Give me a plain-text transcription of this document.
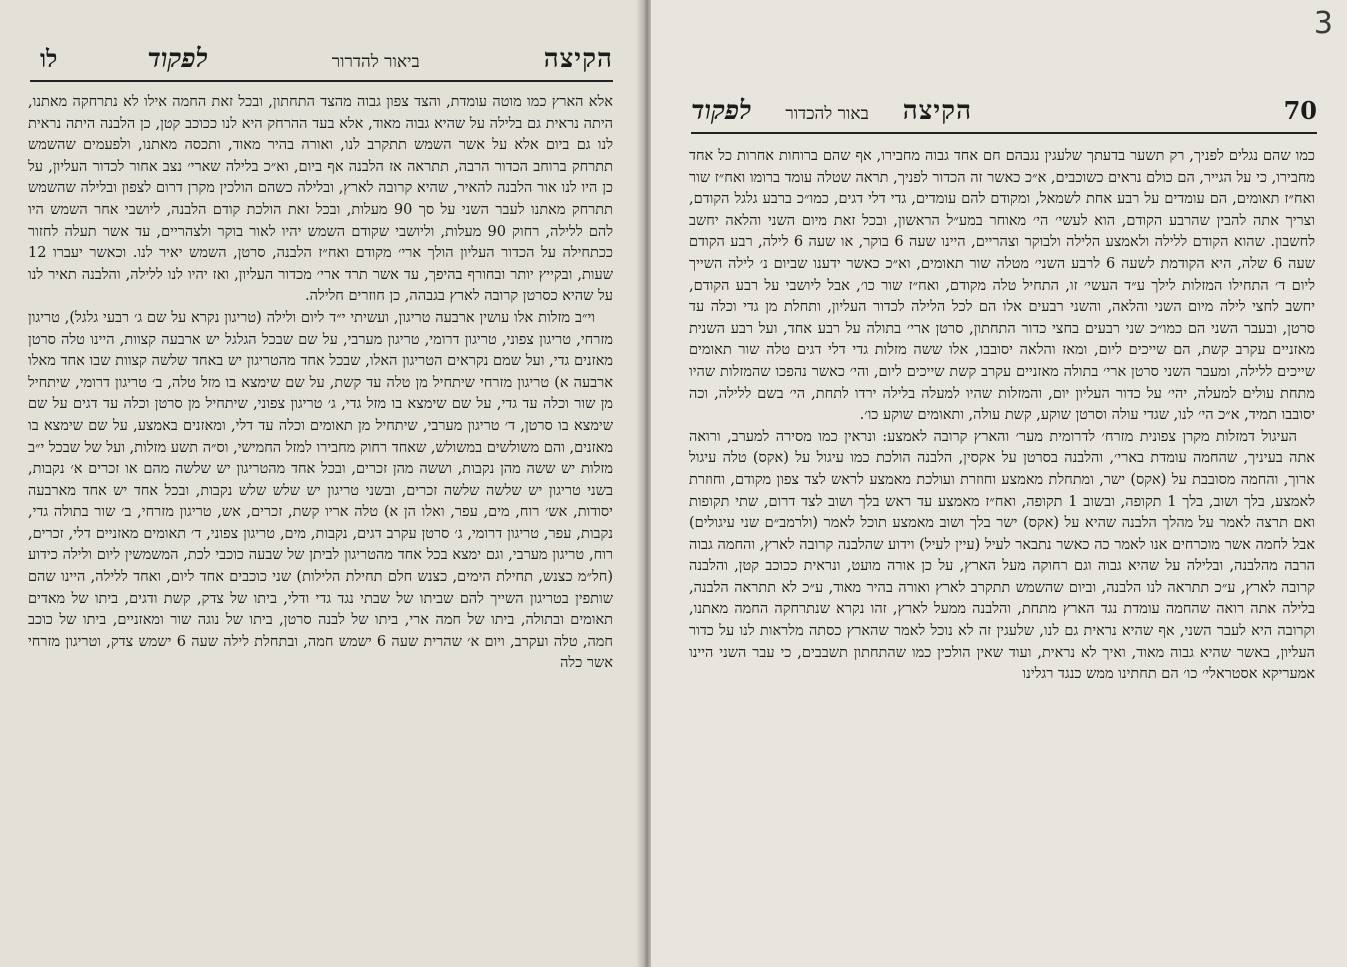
הקיצה
ביאור להדרור
לפקוד
לו

אלא הארץ כמו מוטה עומדת, והצד צפון גבוה מהצד התחתון, ובכל זאת החמה אילו לא נתרחקה מאתנו, היתה נראית גם בלילה על שהיא גבוה מאוד, אלא בעד ההרחק היא לנו ככוכב קטן, כן הלבנה היתה נראית לנו גם ביום אלא על אשר השמש תתקרב לנו, ואורה בהיר מאוד, ותכסה מאתנו, ולפעמים שהשמש תתרחק ברוחב הכדור הרבה, תתראה אז הלבנה אף ביום, וא״כ בלילה שארי׳ נצב אחור לכדור העליון, על כן היו לנו אור הלבנה להאיר, שהיא קרובה לארץ, ובלילה כשהם הולכין מקרן דרום לצפון ובלילה שהשמש תתרחק מאתנו לעבר השני על סך 90 מעלות, ובכל זאת הולכת קודם הלבנה, ליושבי אחר השמש היו להם ללילה, רחוק 90 מעלות, וליושבי שקודם השמש יהיו לאור בוקר ולצהריים, עד אשר תעלה לחזור ככתחילה על הכדור העליון הולך ארי׳ מקודם ואח״ז הלבנה, סרטן, השמש יאיר לנו. וכאשר יעברו 12 שעות, ובקייץ יותר ובחורף בהיפך, עד אשר תרד ארי׳ מכדור העליון, ואז יהיו לנו ללילה, והלבנה תאיר לנו על שהיא כסרטן קרובה לארץ בגבהה, כן חוזרים חלילה.

וי״ב מזלות אלו עושין ארבעה טריגון, ועשיתי י״ד ליום ולילה (טריגון נקרא על שם ג׳ רבעי גלגל), טריגון מזרחי, טריגון צפוני, טריגון דרומי, טריגון מערבי, על שם שבכל הגלגל יש ארבעה קצוות, היינו טלה סרטן מאזנים גדי, ועל שמם נקראים הטריגון האלו, שבכל אחד מהטריגון יש באחד שלשה קצוות שבו אחד מאלו ארבעה א) טריגון מזרחי שיתחיל מן טלה עד קשת, על שם שימצא בו מזל טלה, ב׳ טריגון דרומי, שיתחיל מן שור וכלה עד גדי, על שם שימצא בו מזל גדי, ג׳ טריגון צפוני, שיתחיל מן סרטן וכלה עד דגים על שם שימצא בו סרטן, ד׳ טריגון מערבי, שיתחיל מן תאומים וכלה עד דלי, ומאזנים באמצע, על שם שימצא בו מאזנים, והם משולשים במשולש, שאחד רחוק מחבירו למזל החמישי, וס״ה תשע מזלות, ועל של שבכל י״ב מזלות יש ששה מהן נקבות, וששה מהן זכרים, ובכל אחד מהטריגון יש שלשה מהם או זכרים א׳ נקבות, בשני טריגון יש שלשה שלשה זכרים, ובשני טריגון יש שלש שלש נקבות, ובכל אחד יש אחד מארבעה יסודות, אש׳ רוח, מים, עפר, ואלו הן א) טלה אריו קשת, זכרים, אש, טריגון מזרחי, ב׳ שור בתולה גדי, נקבות, עפר, טריגון דרומי, ג׳ סרטן עקרב דגים, נקבות, מים, טריגון צפוני, ד׳ תאומים מאזניים דלי, זכרים, רוח, טריגון מערבי, וגם ימצא בכל אחד מהטריגון לביתן של שבעה כוכבי לכת, המשמשין ליום ולילה כידוע (חל״מ כצנש, תחילת הימים, כצנש חלם תחילת הלילות) שני כוכבים אחד ליום, ואחד ללילה, היינו שהם שותפין בטריגון השייך להם שביתו של שבתי נגד גדי ודלי, ביתו של צדק, קשת ודגים, ביתו של מאדים תאומים ובתולה, ביתו של חמה ארי, ביתו של לבנה סרטן, ביתו של נוגה שור ומאזניים, ביתו של כוכב חמה, טלה ועקרב, ויום א׳ שהרית שעה 6 ישמש חמה, ובתחלת לילה שעה 6 ישמש צדק, וטריגון מזרחי אשר כלה

70
הקיצה
באור להכדור
לפקוד

כמו שהם נגלים לפניך, רק תשער בדעתך שלעגין נגבהם חם אחד גבוה מחבירו, אף שהם ברוחות אחרות כל אחד מחבירו, כי על הגייר, הם כולם נראים כשוכבים, א״כ כאשר זה הכדור לפניך, תראה שטלה עומד ברומו ואח״ז שור ואח״ז תאומים, הם עומדים על רבע אחת לשמאל, ומקודם להם עומדים, גדי דלי דגים, כמו״כ ברבע גלגל הקודם, וצריך אתה להבין שהרבע הקודם, הוא לעשי׳ הי׳ מאוחר במע״ל הראשון, ובכל זאת מיום השני והלאה יחשב לחשבון. שהוא הקודם ללילה ולאמצע הלילה ולבוקר וצהריים, היינו שעה 6 בוקר, או שעה 6 לילה, רבע הקודם שעה 6 שלה, היא הקודמת לשעה 6 לרבע השני׳ מטלה שור תאומים, וא״כ כאשר ידענו שביום נ׳ לילה השייך ליום ד׳ התחילו המזלות לילך ע״ד העשי׳ זו, התחיל טלה מקודם, ואח״ז שור כו׳, אבל ליושבי על רבע הקודם, יחשב לחצי לילה מיום השני והלאה, והשני רבעים אלו הם לכל הלילה לכדור העליון, ותחלת מן גדי וכלה עד סרטן, ובעבר השני הם כמו״כ שני רבעים בחצי כדור התחתון, סרטן ארי׳ בתולה על רבע אחד, ועל רבע השנית מאזניים עקרב קשת, הם שייכים ליום, ומאז והלאה יסובבו, אלו ששה מזלות גדי דלי דגים טלה שור תאומים שייכים ללילה, ומעבר השני סרטן ארי׳ בתולה מאזניים עקרב קשת שייכים ליום, והי׳ כאשר נהפכו שהמזלות שהיו מתחת עולים למעלה, יהי׳ על כדור העליון יום, והמזלות שהיו למעלה בלילה ירדו לתחת, הי׳ בשם ללילה, וכה יסובבו תמיד, א״כ הי׳ לנו, שגדי עולה וסרטן שוקע, קשת עולה, ותאומים שוקע כו׳.

העיגול דמזלות מקרן צפונית מזרח׳ לדרומית מער׳ והארץ קרובה לאמצע: ונראין כמו מסירה למערב, ורואה אתה בעיניך, שהחמה עומדת בארי׳, והלבנה בסרטן על אקסין, הלבנה הולכת כמו עיגול על (אקס) טלה עיגול ארוך, והחמה מסובבת על (אקס) ישר, ומתחלת מאמצע וחוזרת ועולכת מאמצע לראש לצד צפון מקודם, וחוזרת לאמצע, בלך ושוב, בלך 1 תקופה, ובשוב 1 תקופה, ואח״ז מאמצע עד ראש בלך ושוב לצד דרום, שתי תקופות ואם תרצה לאמר על מהלך הלבנה שהיא על (אקס) ישר בלך ושוב מאמצע תוכל לאמר (ולרמב״ם שני עיגולים) אבל לחמה אשר מוכרחים אנו לאמר כה כאשר נתבאר לעיל (עיין לעיל) וידוע שהלבנה קרובה לארץ, והחמה גבוה הרבה מהלבנה, ובלילה על שהיא גבוה וגם רחוקה מעל הארץ, על כן אורה מועט, ונראית ככוכב קטן, והלבנה קרובה לארץ, ע״כ תתראה לנו הלבנה, וביום שהשמש תתקרב לארץ ואורה בהיר מאוד, ע״כ לא תתראה הלבנה, בלילה אתה רואה שהחמה עומדת נגד הארץ מתחת, והלבנה ממעל לארץ, זהו נקרא שנתרחקה החמה מאתנו, וקרובה היא לעבר השני, אף שהיא נראית גם לנו, שלעגין זה לא נוכל לאמר שהארץ כסתה מלראות לנו על כדור העליון, באשר שהיא גבוה מאוד, ואיך לא נראית, ועוד שאין הולכין כמו שהתחתון תשבבים, כי עבר השני היינו אמעריקא אסטראלי׳ כו׳ הם תחתינו ממש כנגד רגלינו

3
